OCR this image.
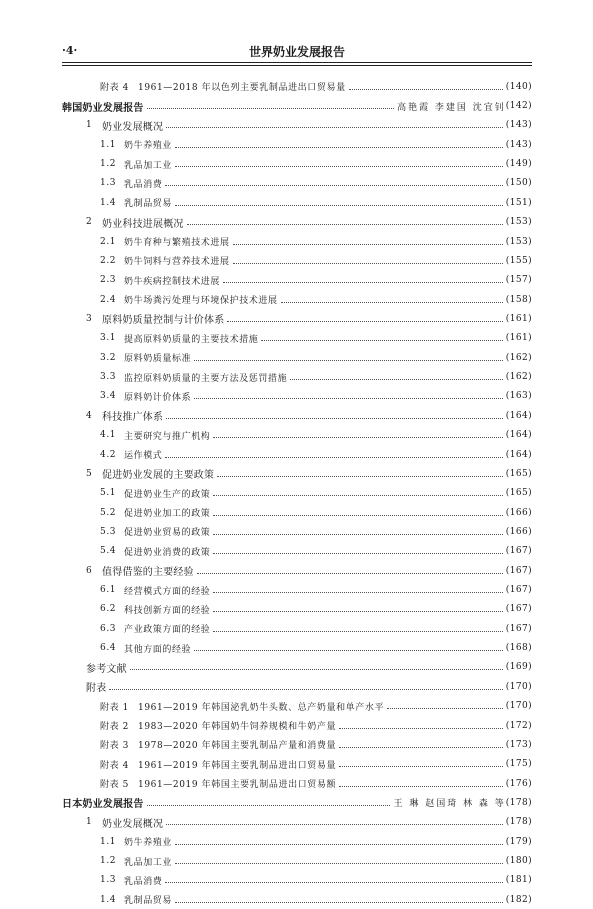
·4·	世界奶业发展报告
附表 4	1961—2018 年以色列主要乳制品进出口贸易量	(140)
韩国奶业发展报告	高艳霞 李建国 沈宜钊 (142)
1 奶业发展概况	(143)
1.1 奶牛养殖业	(143)
1.2 乳品加工业	(149)
1.3 乳品消费	(150)
1.4 乳制品贸易	(151)
2 奶业科技进展概况	(153)
2.1 奶牛育种与繁殖技术进展	(153)
2.2 奶牛饲料与营养技术进展	(155)
2.3 奶牛疾病控制技术进展	(157)
2.4 奶牛场粪污处理与环境保护技术进展	(158)
3 原料奶质量控制与计价体系	(161)
3.1 提高原料奶质量的主要技术措施	(161)
3.2 原料奶质量标准	(162)
3.3 监控原料奶质量的主要方法及惩罚措施	(162)
3.4 原料奶计价体系	(163)
4 科技推广体系	(164)
4.1 主要研究与推广机构	(164)
4.2 运作模式	(164)
5 促进奶业发展的主要政策	(165)
5.1 促进奶业生产的政策	(165)
5.2 促进奶业加工的政策	(166)
5.3 促进奶业贸易的政策	(166)
5.4 促进奶业消费的政策	(167)
6 值得借鉴的主要经验	(167)
6.1 经营模式方面的经验	(167)
6.2 科技创新方面的经验	(167)
6.3 产业政策方面的经验	(167)
6.4 其他方面的经验	(168)
参考文献	(169)
附表	(170)
附表 1	1961—2019 年韩国泌乳奶牛头数、总产奶量和单产水平	(170)
附表 2	1983—2020 年韩国奶牛饲养规模和牛奶产量	(172)
附表 3	1978—2020 年韩国主要乳制品产量和消费量	(173)
附表 4	1961—2019 年韩国主要乳制品进出口贸易量	(175)
附表 5	1961—2019 年韩国主要乳制品进出口贸易额	(176)
日本奶业发展报告	王 琳 赵国琦 林 森 等 (178)
1 奶业发展概况	(178)
1.1 奶牛养殖业	(179)
1.2 乳品加工业	(180)
1.3 乳品消费	(181)
1.4 乳制品贸易	(182)
